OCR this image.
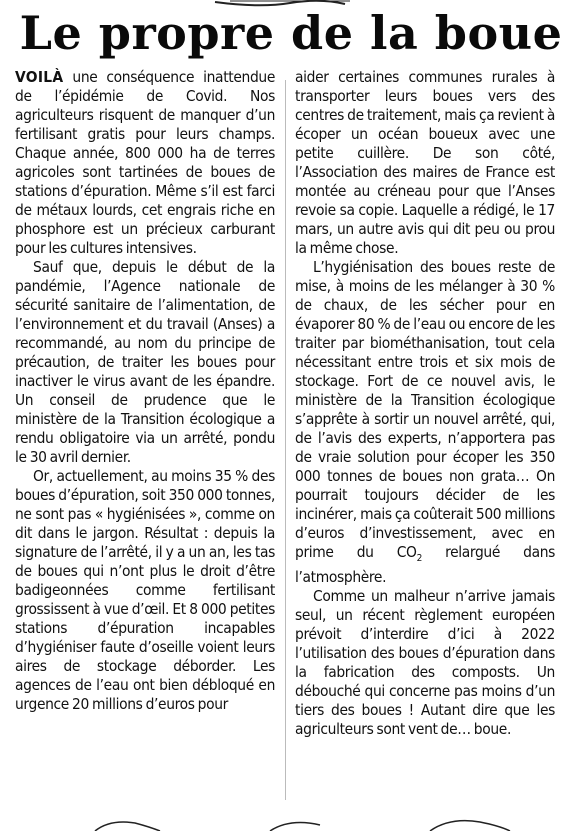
Le propre de la boue

VOILÀ une conséquence inattendue de l’épidémie de Covid. Nos agriculteurs risquent de manquer d’un fertilisant gratis pour leurs champs. Chaque année, 800 000 ha de terres agricoles sont tartinées de boues de stations d’épuration. Même s’il est farci de métaux lourds, cet engrais riche en phosphore est un précieux carburant pour les cultures intensives.

Sauf que, depuis le début de la pandémie, l’Agence nationale de sécurité sanitaire de l’alimentation, de l’environnement et du travail (Anses) a recommandé, au nom du principe de précaution, de traiter les boues pour inactiver le virus avant de les épandre. Un conseil de prudence que le ministère de la Transition écologique a rendu obligatoire via un arrêté, pondu le 30 avril dernier.

Or, actuellement, au moins 35 % des boues d’épuration, soit 350 000 tonnes, ne sont pas « hygiénisées », comme on dit dans le jargon. Résultat : depuis la signature de l’arrêté, il y a un an, les tas de boues qui n’ont plus le droit d’être badigeonnées comme fertilisant grossissent à vue d’œil. Et 8 000 petites stations d’épuration incapables d’hygiéniser faute d’oseille voient leurs aires de stockage déborder. Les agences de l’eau ont bien débloqué en urgence 20 millions d’euros pour

aider certaines communes rurales à transporter leurs boues vers des centres de traitement, mais ça revient à écoper un océan boueux avec une petite cuillère. De son côté, l’Association des maires de France est montée au créneau pour que l’Anses revoie sa copie. Laquelle a rédigé, le 17 mars, un autre avis qui dit peu ou prou la même chose.

L’hygiénisation des boues reste de mise, à moins de les mélanger à 30 % de chaux, de les sécher pour en évaporer 80 % de l’eau ou encore de les traiter par biométhanisation, tout cela nécessitant entre trois et six mois de stockage. Fort de ce nouvel avis, le ministère de la Transition écologique s’apprête à sortir un nouvel arrêté, qui, de l’avis des experts, n’apportera pas de vraie solution pour écoper les 350 000 tonnes de boues non grata… On pourrait toujours décider de les incinérer, mais ça coûterait 500 millions d’euros d’investissement, avec en prime du $CO_2$ relargué dans l’atmosphère.

Comme un malheur n’arrive jamais seul, un récent règlement européen prévoit d’interdire d’ici à 2022 l’utilisation des boues d’épuration dans la fabrication des composts. Un débouché qui concerne pas moins d’un tiers des boues ! Autant dire que les agriculteurs sont vent de… boue.
